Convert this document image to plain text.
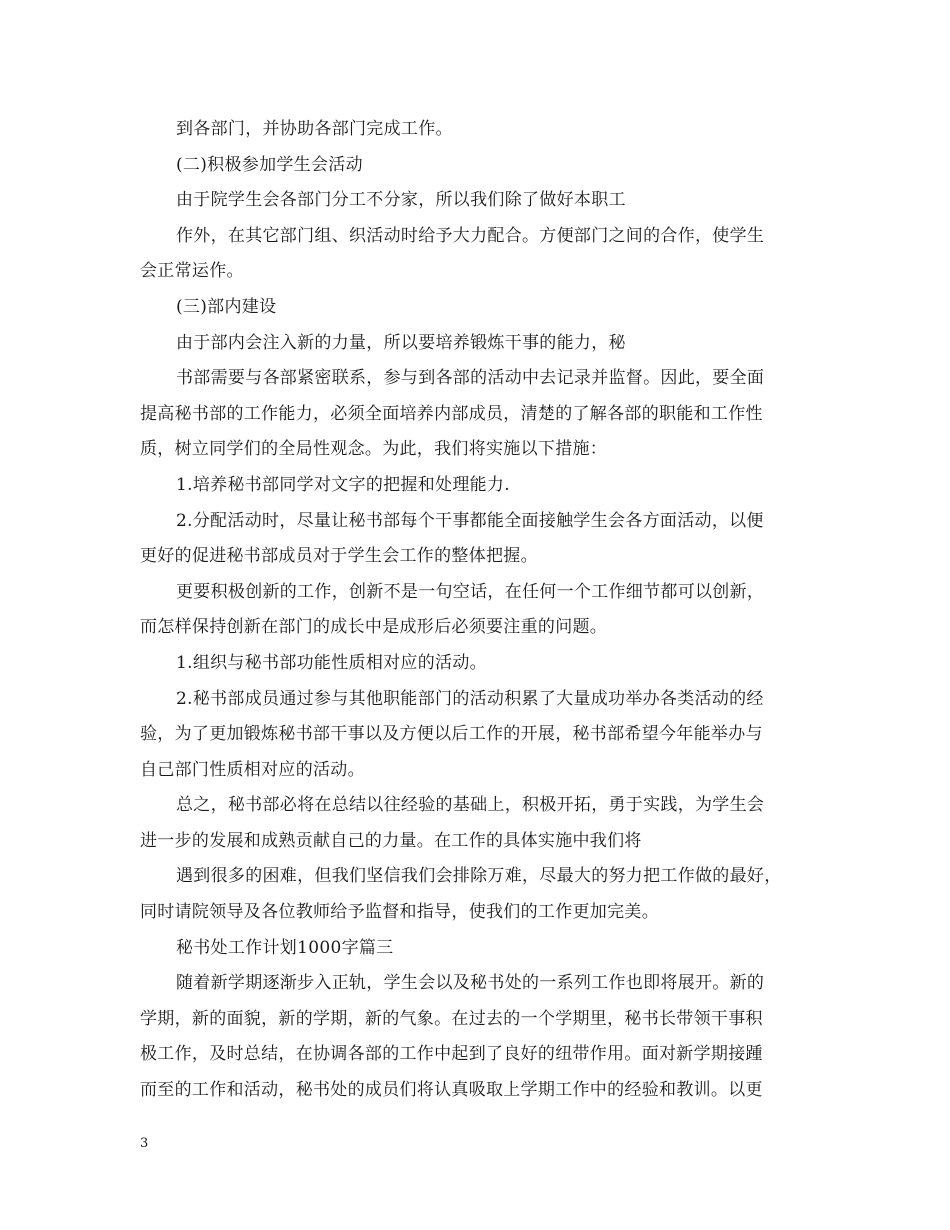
到各部门，并协助各部门完成工作。
(二)积极参加学生会活动
由于院学生会各部门分工不分家，所以我们除了做好本职工
作外，在其它部门组、织活动时给予大力配合。方便部门之间的合作，使学生
会正常运作。
(三)部内建设
由于部内会注入新的力量，所以要培养锻炼干事的能力，秘
书部需要与各部紧密联系，参与到各部的活动中去记录并监督。因此，要全面
提高秘书部的工作能力，必须全面培养内部成员，清楚的了解各部的职能和工作性
质，树立同学们的全局性观念。为此，我们将实施以下措施：
1.培养秘书部同学对文字的把握和处理能力.
2.分配活动时，尽量让秘书部每个干事都能全面接触学生会各方面活动，以便
更好的促进秘书部成员对于学生会工作的整体把握。
更要积极创新的工作，创新不是一句空话，在任何一个工作细节都可以创新，
而怎样保持创新在部门的成长中是成形后必须要注重的问题。
1.组织与秘书部功能性质相对应的活动。
2.秘书部成员通过参与其他职能部门的活动积累了大量成功举办各类活动的经
验，为了更加锻炼秘书部干事以及方便以后工作的开展，秘书部希望今年能举办与
自己部门性质相对应的活动。
总之，秘书部必将在总结以往经验的基础上，积极开拓，勇于实践，为学生会
进一步的发展和成熟贡献自己的力量。在工作的具体实施中我们将
遇到很多的困难，但我们坚信我们会排除万难，尽最大的努力把工作做的最好，
同时请院领导及各位教师给予监督和指导，使我们的工作更加完美。
秘书处工作计划1000字篇三
随着新学期逐渐步入正轨，学生会以及秘书处的一系列工作也即将展开。新的
学期，新的面貌，新的学期，新的气象。在过去的一个学期里，秘书长带领干事积
极工作，及时总结，在协调各部的工作中起到了良好的纽带作用。面对新学期接踵
而至的工作和活动，秘书处的成员们将认真吸取上学期工作中的经验和教训。以更
3
